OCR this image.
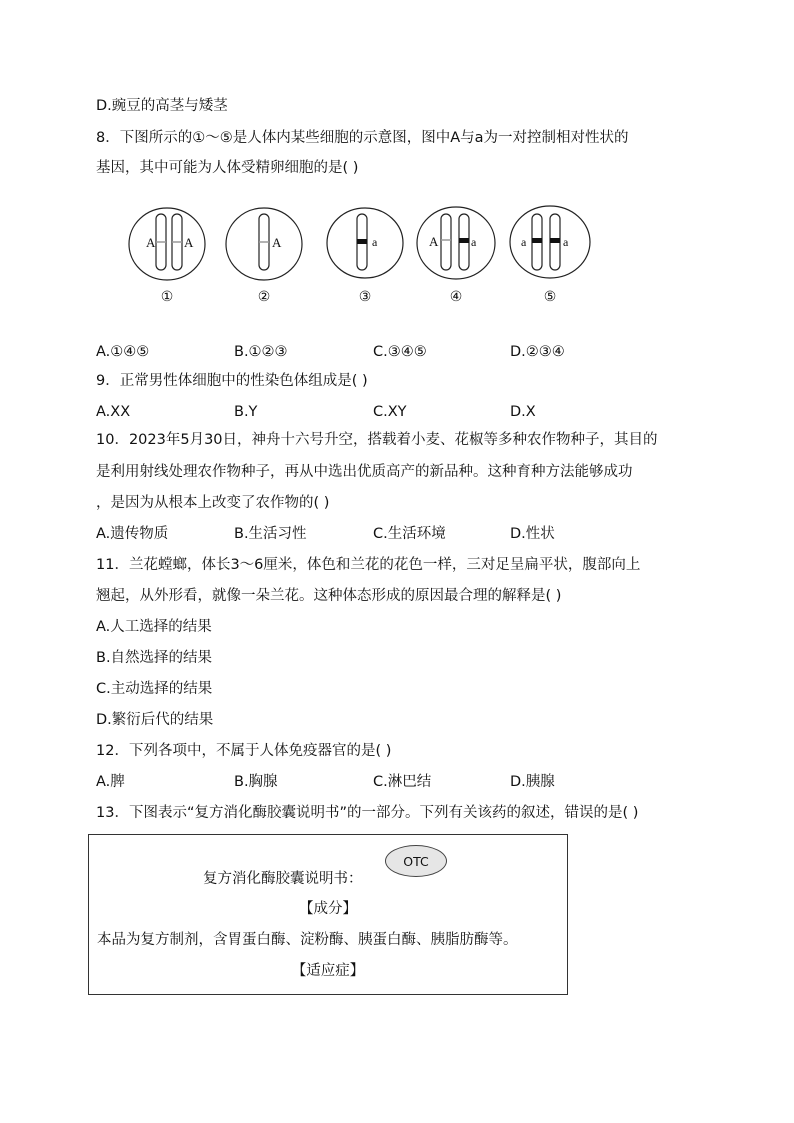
D.豌豆的高茎与矮茎
8．下图所示的①～⑤是人体内某些细胞的示意图，图中A与a为一对控制相对性状的
基因，其中可能为人体受精卵细胞的是( )
A A
①
A
②
a
③
A	a
④
a	a
⑤
A.①④⑤	B.①②③	C.③④⑤	D.②③④
9．正常男性体细胞中的性染色体组成是( )
A.XX	B.Y	C.XY	D.X
10．2023年5月30日，神舟十六号升空，搭载着小麦、花椒等多种农作物种子，其目的
是利用射线处理农作物种子，再从中选出优质高产的新品种。这种育种方法能够成功
，是因为从根本上改变了农作物的( )
A.遗传物质	B.生活习性	C.生活环境	D.性状
11．兰花螳螂，体长3～6厘米，体色和兰花的花色一样，三对足呈扁平状，腹部向上
翘起，从外形看，就像一朵兰花。这种体态形成的原因最合理的解释是( )
A.人工选择的结果
B.自然选择的结果
C.主动选择的结果
D.繁衍后代的结果
12．下列各项中，不属于人体免疫器官的是( )
A.脾	B.胸腺	C.淋巴结	D.胰腺
13．下图表示“复方消化酶胶囊说明书”的一部分。下列有关该药的叙述，错误的是( )
复方消化酶胶囊说明书：
OTC
【成分】
本品为复方制剂，含胃蛋白酶、淀粉酶、胰蛋白酶、胰脂肪酶等。
【适应症】
